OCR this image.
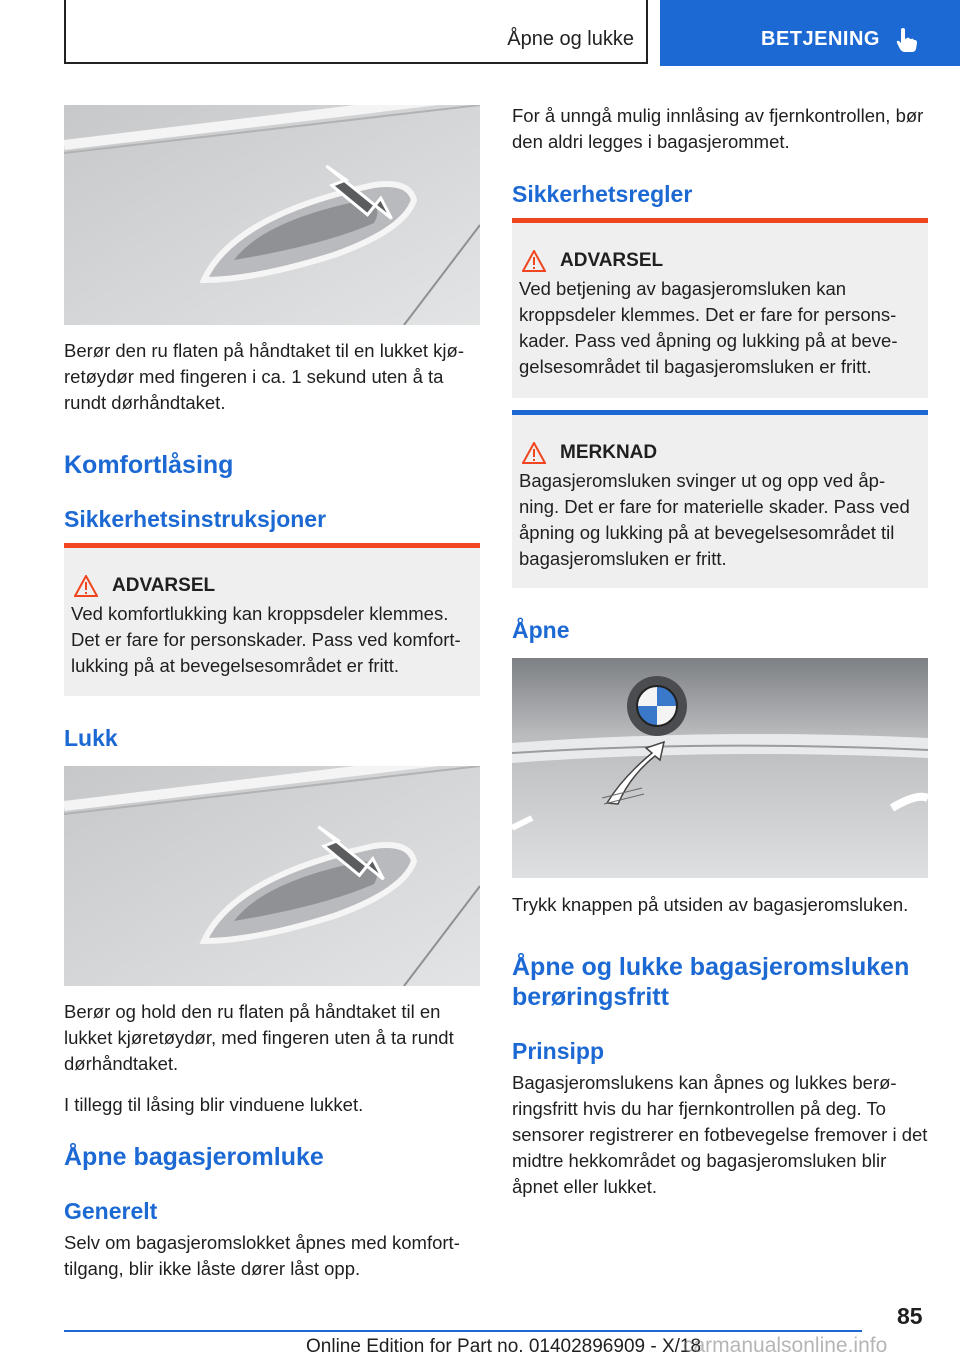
Åpne og lukke	BETJENING
Berør den ru flaten på håndtaket til en lukket kjø‐retøydør med fingeren i ca. 1 sekund uten å ta rundt dørhåndtaket.
Komfortlåsing
Sikkerhetsinstruksjoner
ADVARSEL
Ved komfortlukking kan kroppsdeler klemmes. Det er fare for personskader. Pass ved komfort‐lukking på at bevegelsesområdet er fritt.
Lukk
Berør og hold den ru flaten på håndtaket til en lukket kjøretøydør, med fingeren uten å ta rundt dørhåndtaket.
I tillegg til låsing blir vinduene lukket.
Åpne bagasjeromluke
Generelt
Selv om bagasjeromslokket åpnes med komfort‐tilgang, blir ikke låste dører låst opp.
For å unngå mulig innlåsing av fjernkontrollen, bør den aldri legges i bagasjerommet.
Sikkerhetsregler
ADVARSEL
Ved betjening av bagasjeromsluken kan kroppsdeler klemmes. Det er fare for persons‐kader. Pass ved åpning og lukking på at beve‐gelsesområdet til bagasjeromsluken er fritt.
MERKNAD
Bagasjeromsluken svinger ut og opp ved åp‐ning. Det er fare for materielle skader. Pass ved åpning og lukking på at bevegelsesområdet til bagasjeromsluken er fritt.
Åpne
Trykk knappen på utsiden av bagasjeromsluken.
Åpne og lukke bagasjeromsluken berøringsfritt
Prinsipp
Bagasjeromslukens kan åpnes og lukkes berø‐ringsfritt hvis du har fjernkontrollen på deg. To sensorer registrerer en fotbevegelse fremover i det midtre hekkområdet og bagasjeromsluken blir åpnet eller lukket.
85
Online Edition for Part no. 01402896909 - X/18
carmanualsonline.info
